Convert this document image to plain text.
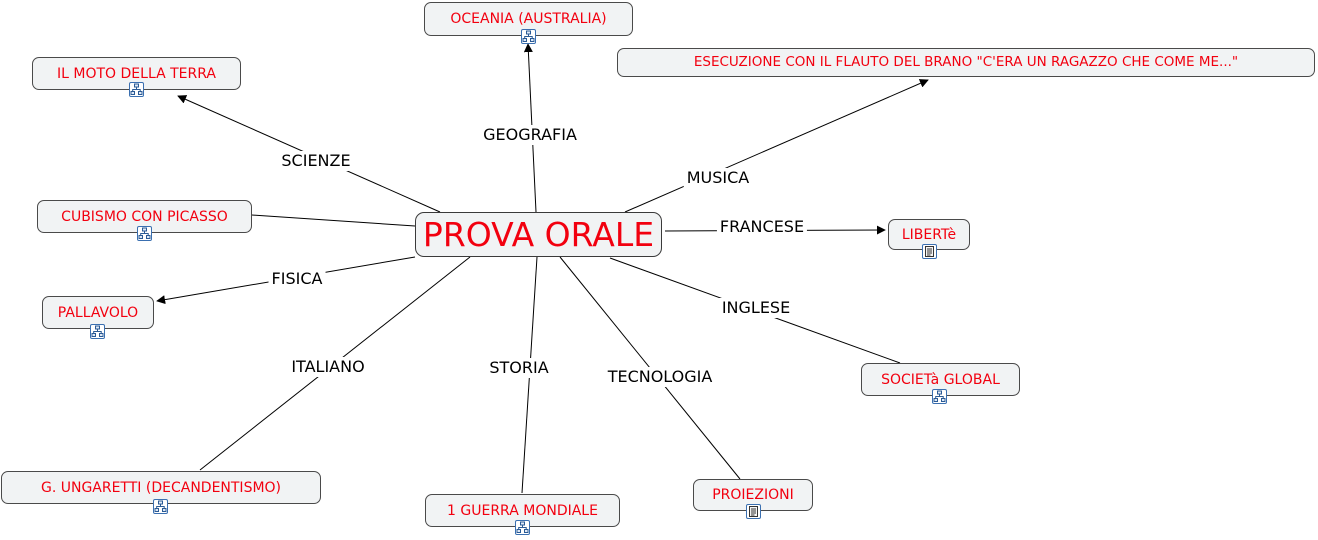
GEOGRAFIA
SCIENZE
MUSICA
FRANCESE
FISICA
INGLESE
ITALIANO	STORIA	TECNOLOGIA
PROVA ORALE
OCEANIA (AUSTRALIA)
IL MOTO DELLA TERRA
ESECUZIONE CON IL FLAUTO DEL BRANO "C'ERA UN RAGAZZO CHE COME ME..."
CUBISMO CON PICASSO
LIBERTè
PALLAVOLO
SOCIETà GLOBAL
G. UNGARETTI (DECANDENTISMO)
1 GUERRA MONDIALE
PROIEZIONI
